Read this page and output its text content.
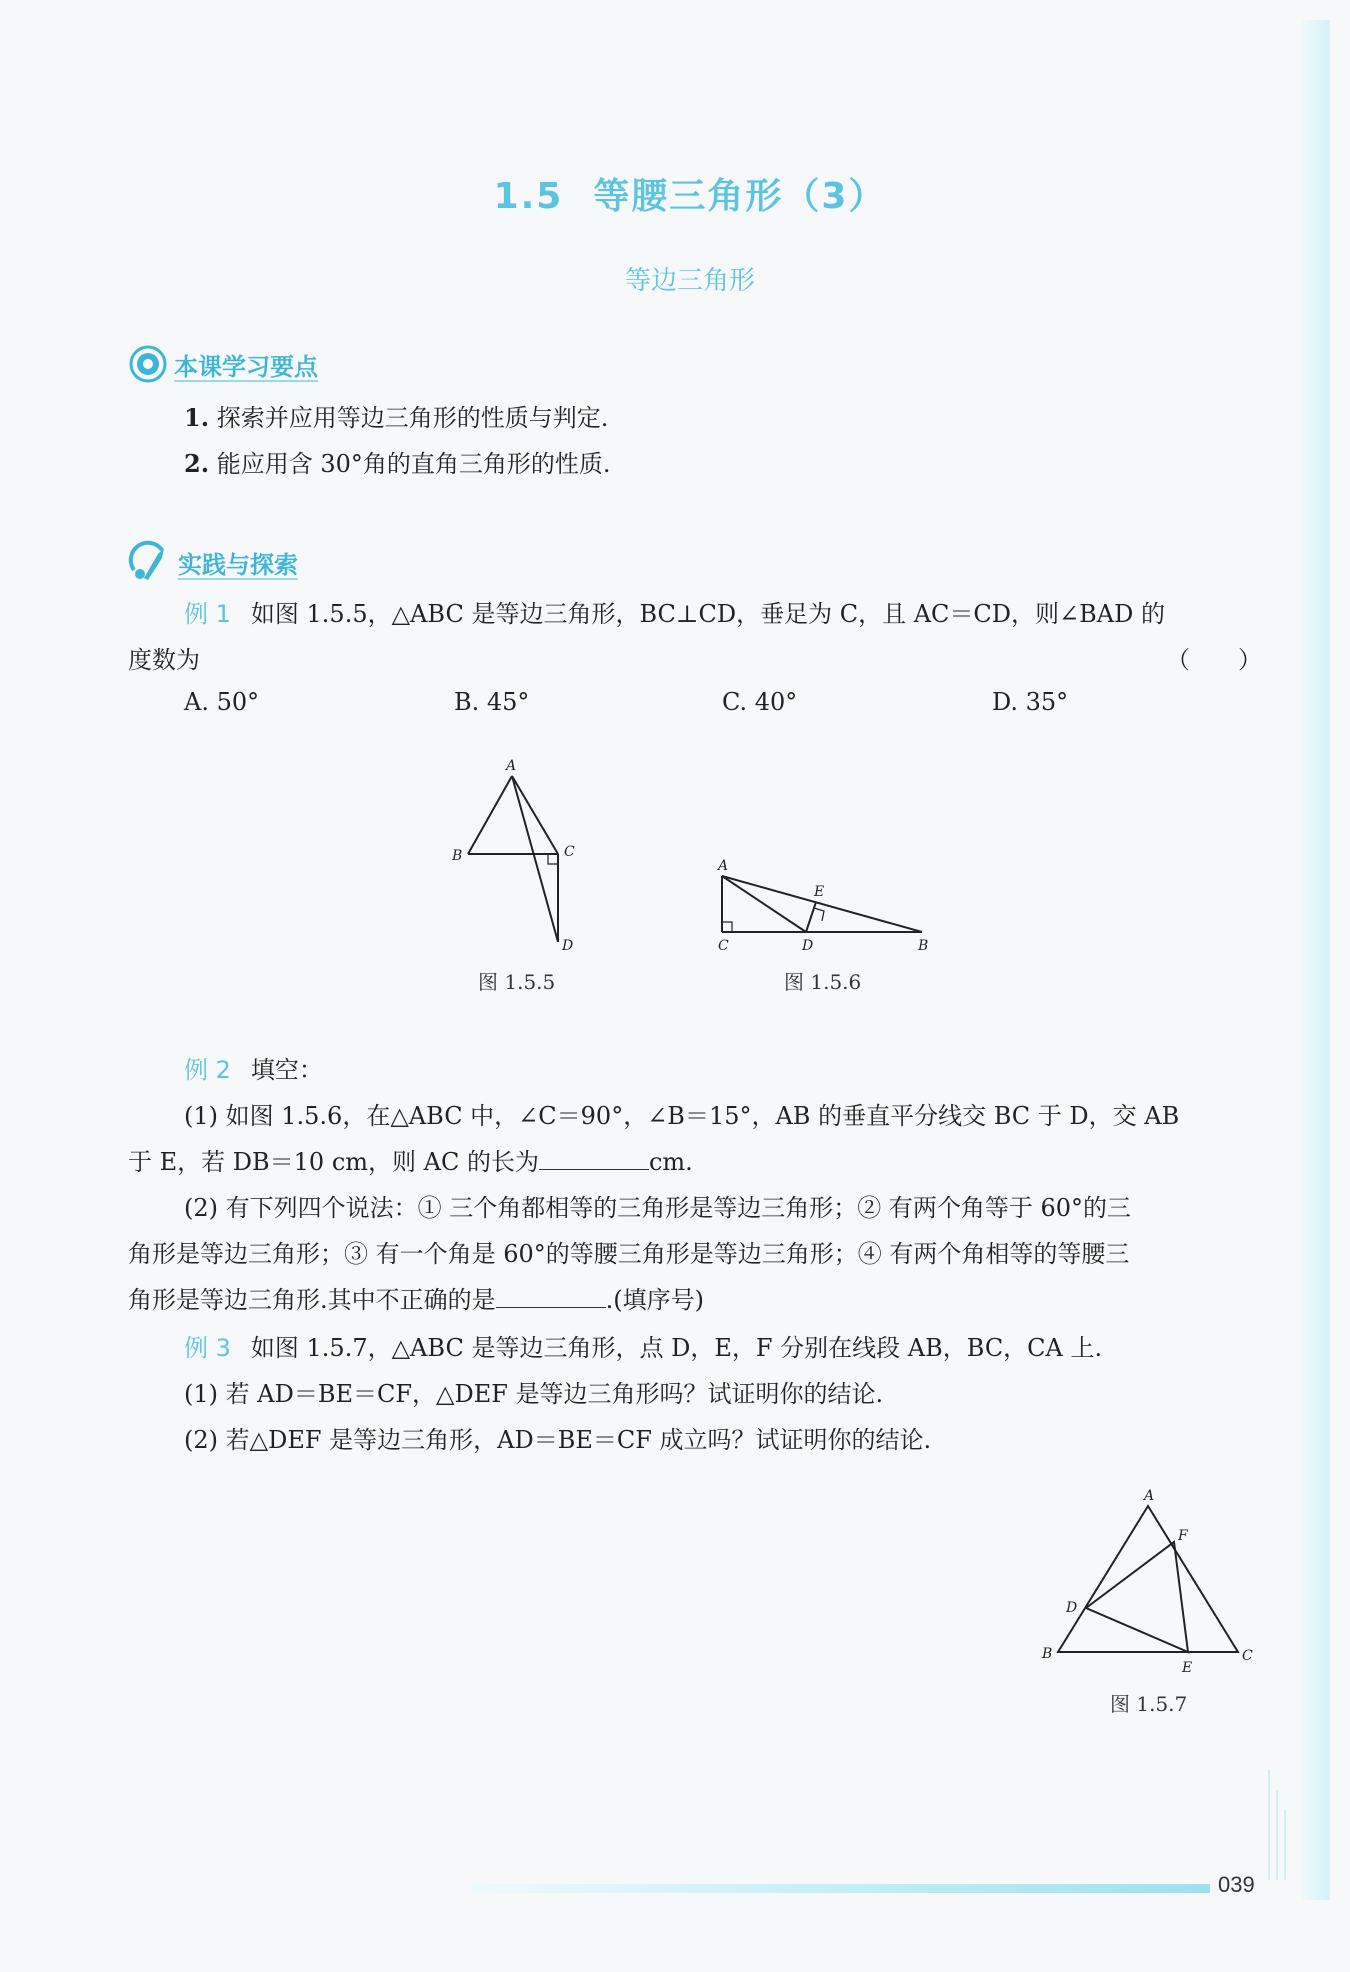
1.5 等腰三角形（3）
等边三角形
本课学习要点
1. 探索并应用等边三角形的性质与判定.
2. 能应用含 30°角的直角三角形的性质.
实践与探索
例 1 如图 1.5.5，△ABC 是等边三角形，BC⊥CD，垂足为 C，且 AC＝CD，则∠BAD 的
度数为	（　　）
A. 50°	B. 45°	C. 40°	D. 35°
A
B	C
D
图 1.5.5
A
E
C	D	B
图 1.5.6
例 2 填空：
(1) 如图 1.5.6，在△ABC 中，∠C＝90°，∠B＝15°，AB 的垂直平分线交 BC 于 D，交 AB
于 E，若 DB＝10 cm，则 AC 的长为	cm.
(2) 有下列四个说法：① 三个角都相等的三角形是等边三角形；② 有两个角等于 60°的三
角形是等边三角形；③ 有一个角是 60°的等腰三角形是等边三角形；④ 有两个角相等的等腰三
角形是等边三角形.其中不正确的是	.(填序号)
例 3 如图 1.5.7，△ABC 是等边三角形，点 D，E，F 分别在线段 AB，BC，CA 上.
(1) 若 AD＝BE＝CF，△DEF 是等边三角形吗？试证明你的结论.
(2) 若△DEF 是等边三角形，AD＝BE＝CF 成立吗？试证明你的结论.
A
F
D
B
E
C
图 1.5.7
039
